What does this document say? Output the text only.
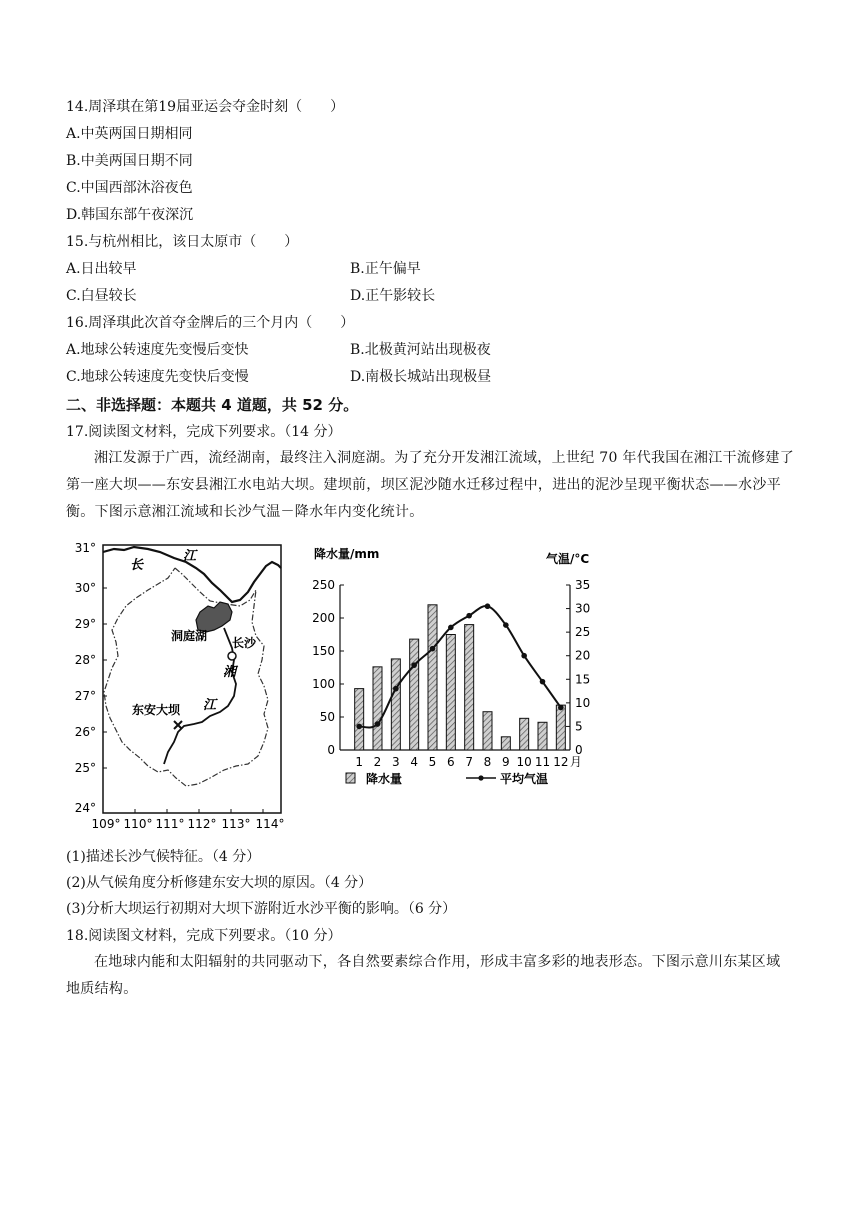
14.周泽琪在第19届亚运会夺金时刻（　　）
A.中英两国日期相同
B.中美两国日期不同
C.中国西部沐浴夜色
D.韩国东部午夜深沉
15.与杭州相比，该日太原市（　　）
A.日出较早	B.正午偏早
C.白昼较长	D.正午影较长
16.周泽琪此次首夺金牌后的三个月内（　　）
A.地球公转速度先变慢后变快	B.北极黄河站出现极夜
C.地球公转速度先变快后变慢	D.南极长城站出现极昼
二、非选择题：本题共 4 道题，共 52 分。
17.阅读图文材料，完成下列要求。（14 分）
湘江发源于广西，流经湖南，最终注入洞庭湖。为了充分开发湘江流域，上世纪 70 年代我国在湘江干流修建了第一座大坝——东安县湘江水电站大坝。建坝前，坝区泥沙随水迁移过程中，进出的泥沙呈现平衡状态——水沙平衡。下图示意湘江流域和长沙气温－降水年内变化统计。
31°
30°
29°
28°
27°
26°
25°
24°
109° 110° 111° 112° 113° 114°
长
江
洞庭湖 长沙
湘
江
东安大坝
降水量/mm	气温/°C
0
50
100
150
200
250
0
5
10
15
20
25
30
35
1 2 3 4 5 6 7 8 9 10 11 12 月
降水量	平均气温
(1)描述长沙气候特征。（4 分）
(2)从气候角度分析修建东安大坝的原因。（4 分）
(3)分析大坝运行初期对大坝下游附近水沙平衡的影响。（6 分）
18.阅读图文材料，完成下列要求。（10 分）
在地球内能和太阳辐射的共同驱动下，各自然要素综合作用，形成丰富多彩的地表形态。下图示意川东某区域地质结构。
